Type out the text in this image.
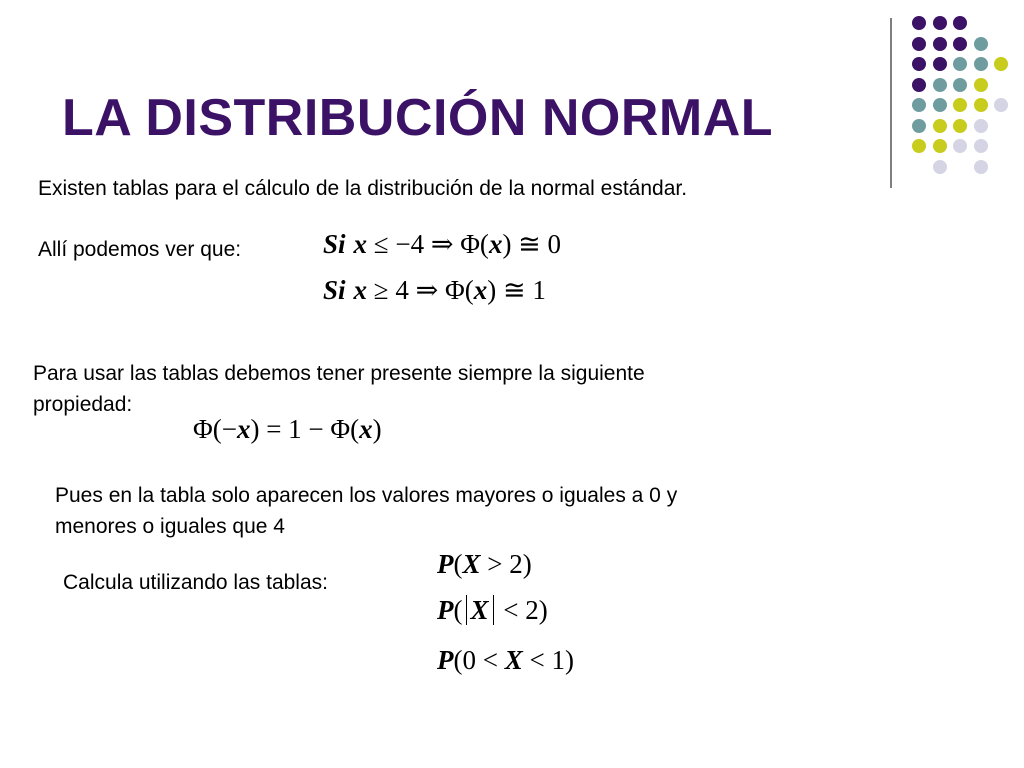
LA DISTRIBUCIÓN NORMAL
Existen tablas para el cálculo de la distribución de la normal estándar.
Allí podemos ver que:	Si x ≤ −4 ⇒ Φ(x) ≅ 0
Si x ≥ 4 ⇒ Φ(x) ≅ 1
Para usar las tablas debemos tener presente siempre la siguiente
propiedad:
Φ(−x) = 1 − Φ(x)
Pues en la tabla solo aparecen los valores mayores o iguales a 0 y
menores o iguales que 4
Calcula utilizando las tablas:
P(X > 2)
P( X < 2)
P(0 < X < 1)
